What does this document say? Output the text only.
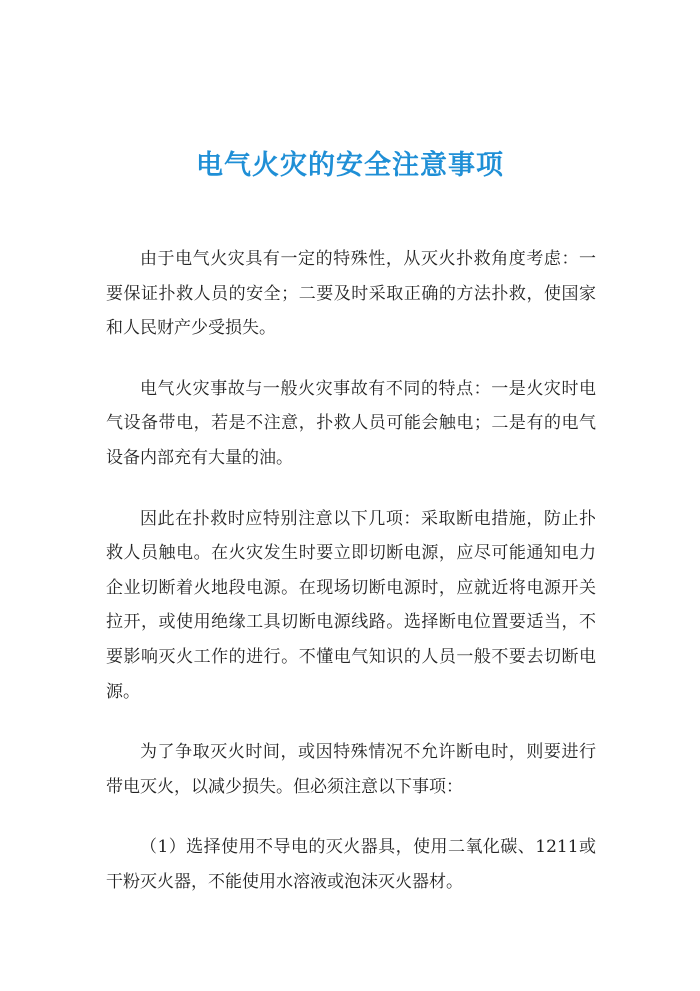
电气火灾的安全注意事项

由于电气火灾具有一定的特殊性，从灭火扑救角度考虑：一要保证扑救人员的安全；二要及时采取正确的方法扑救，使国家和人民财产少受损失。

电气火灾事故与一般火灾事故有不同的特点：一是火灾时电气设备带电，若是不注意，扑救人员可能会触电；二是有的电气设备内部充有大量的油。

因此在扑救时应特别注意以下几项：采取断电措施，防止扑救人员触电。在火灾发生时要立即切断电源，应尽可能通知电力企业切断着火地段电源。在现场切断电源时，应就近将电源开关拉开，或使用绝缘工具切断电源线路。选择断电位置要适当，不要影响灭火工作的进行。不懂电气知识的人员一般不要去切断电源。

为了争取灭火时间，或因特殊情况不允许断电时，则要进行带电灭火，以减少损失。但必须注意以下事项：

（1）选择使用不导电的灭火器具，使用二氧化碳、1211或干粉灭火器，不能使用水溶液或泡沫灭火器材。
